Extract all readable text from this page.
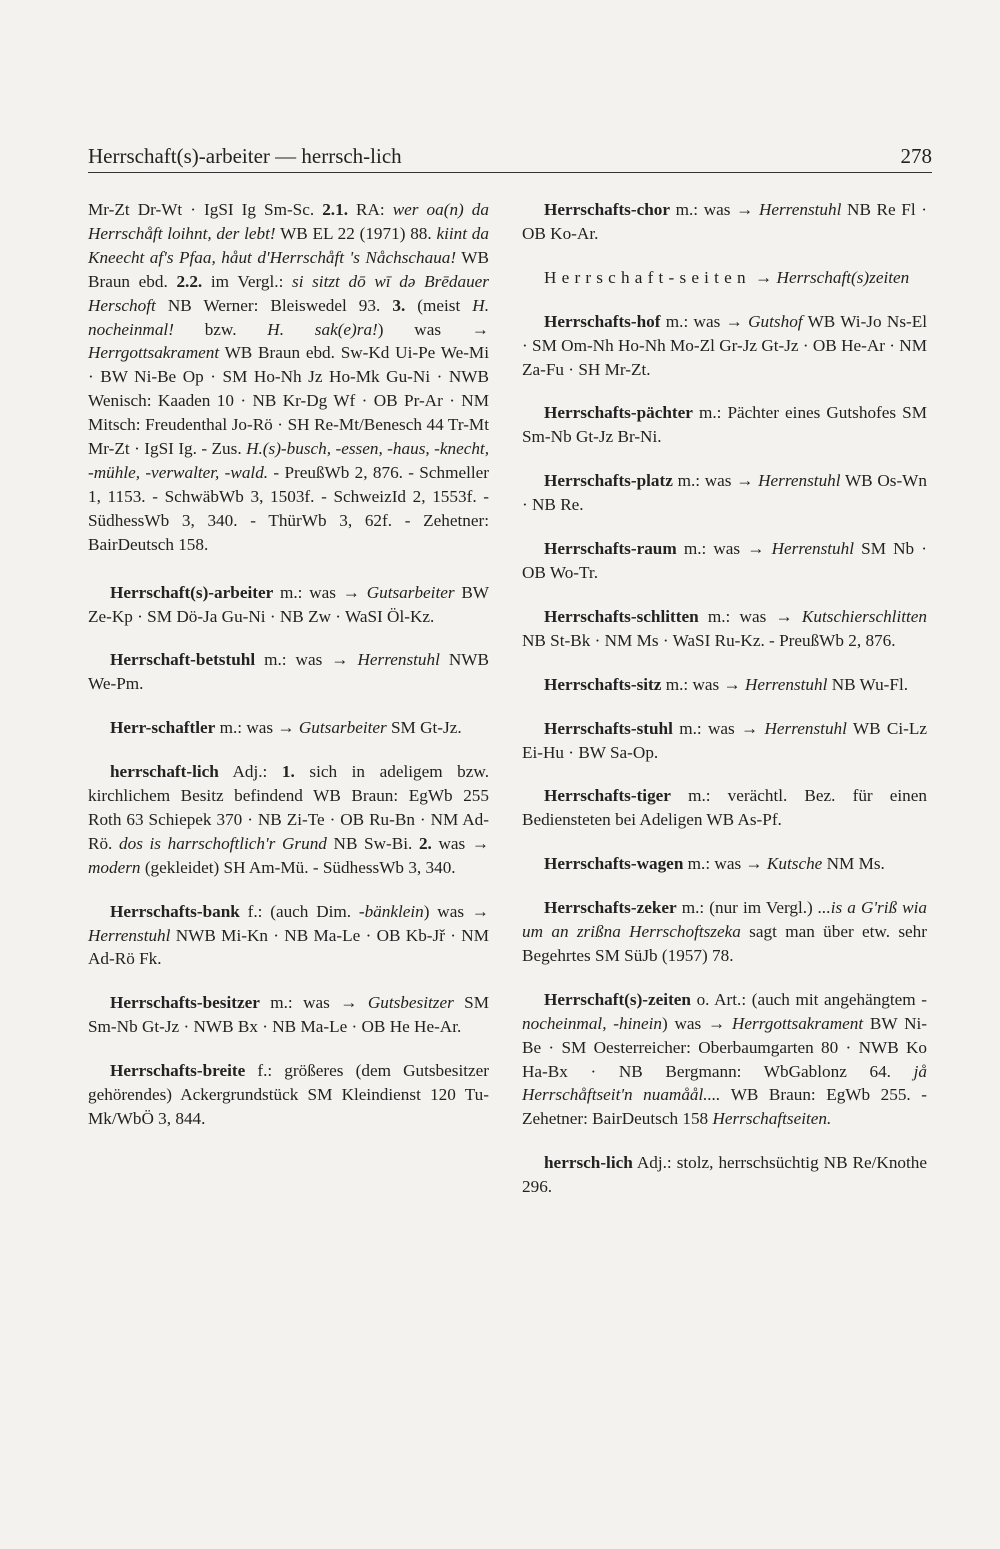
Herrschaft(s)-arbeiter — herrsch-lich	278
Mr-Zt Dr-Wt · IgSI Ig Sm-Sc. 2.1. RA: wer oa(n) da Herrschåft loihnt, der lebt! WB EL 22 (1971) 88. kiint da Kneecht af's Pfaa, håut d'Herrschåft 's Nåchschaua! WB Braun ebd. 2.2. im Vergl.: si sitzt dō wī də Brēdauer Herschoft NB Werner: Bleiswedel 93. 3. (meist H. nocheinmal! bzw. H. sak(e)ra!) was → Herrgottsakrament WB Braun ebd. Sw-Kd Ui-Pe We-Mi · BW Ni-Be Op · SM Ho-Nh Jz Ho-Mk Gu-Ni · NWB Wenisch: Kaaden 10 · NB Kr-Dg Wf · OB Pr-Ar · NM Mitsch: Freudenthal Jo-Rö · SH Re-Mt/Benesch 44 Tr-Mt Mr-Zt · IgSI Ig. - Zus. H.(s)-busch, -essen, -haus, -knecht, -mühle, -verwalter, -wald. - PreußWb 2, 876. - Schmeller 1, 1153. - SchwäbWb 3, 1503f. - SchweizId 2, 1553f. - SüdhessWb 3, 340. - ThürWb 3, 62f. - Zehetner: BairDeutsch 158.
Herrschaft(s)-arbeiter m.: was → Gutsarbeiter BW Ze-Kp · SM Dö-Ja Gu-Ni · NB Zw · WaSI Öl-Kz.
Herrschaft-betstuhl m.: was → Herrenstuhl NWB We-Pm.
Herr-schaftler m.: was → Gutsarbeiter SM Gt-Jz.
herrschaft-lich Adj.: 1. sich in adeligem bzw. kirchlichem Besitz befindend WB Braun: EgWb 255 Roth 63 Schiepek 370 · NB Zi-Te · OB Ru-Bn · NM Ad-Rö. dos is harrschoftlich'r Grund NB Sw-Bi. 2. was → modern (gekleidet) SH Am-Mü. - SüdhessWb 3, 340.
Herrschafts-bank f.: (auch Dim. -bänklein) was → Herrenstuhl NWB Mi-Kn · NB Ma-Le · OB Kb-Jř · NM Ad-Rö Fk.
Herrschafts-besitzer m.: was → Gutsbesitzer SM Sm-Nb Gt-Jz · NWB Bx · NB Ma-Le · OB He He-Ar.
Herrschafts-breite f.: größeres (dem Gutsbesitzer gehörendes) Ackergrundstück SM Kleindienst 120 Tu-Mk/WbÖ 3, 844.
Herrschafts-chor m.: was → Herrenstuhl NB Re Fl · OB Ko-Ar.
Herrschaft-seiten → Herrschaft(s)zeiten
Herrschafts-hof m.: was → Gutshof WB Wi-Jo Ns-El · SM Om-Nh Ho-Nh Mo-Zl Gr-Jz Gt-Jz · OB He-Ar · NM Za-Fu · SH Mr-Zt.
Herrschafts-pächter m.: Pächter eines Gutshofes SM Sm-Nb Gt-Jz Br-Ni.
Herrschafts-platz m.: was → Herrenstuhl WB Os-Wn · NB Re.
Herrschafts-raum m.: was → Herrenstuhl SM Nb · OB Wo-Tr.
Herrschafts-schlitten m.: was → Kutschierschlitten NB St-Bk · NM Ms · WaSI Ru-Kz. - PreußWb 2, 876.
Herrschafts-sitz m.: was → Herrenstuhl NB Wu-Fl.
Herrschafts-stuhl m.: was → Herrenstuhl WB Ci-Lz Ei-Hu · BW Sa-Op.
Herrschafts-tiger m.: verächtl. Bez. für einen Bediensteten bei Adeligen WB As-Pf.
Herrschafts-wagen m.: was → Kutsche NM Ms.
Herrschafts-zeker m.: (nur im Vergl.) ...is a G'riß wia um an zrißna Herrschoftszeka sagt man über etw. sehr Begehrtes SM SüJb (1957) 78.
Herrschaft(s)-zeiten o. Art.: (auch mit angehängtem -nocheinmal, -hinein) was → Herrgottsakrament BW Ni-Be · SM Oesterreicher: Oberbaumgarten 80 · NWB Ko Ha-Bx · NB Bergmann: WbGablonz 64. jå Herrschåftseit'n nuamåål.... WB Braun: EgWb 255. - Zehetner: BairDeutsch 158 Herrschaftseiten.
herrsch-lich Adj.: stolz, herrschsüchtig NB Re/Knothe 296.
